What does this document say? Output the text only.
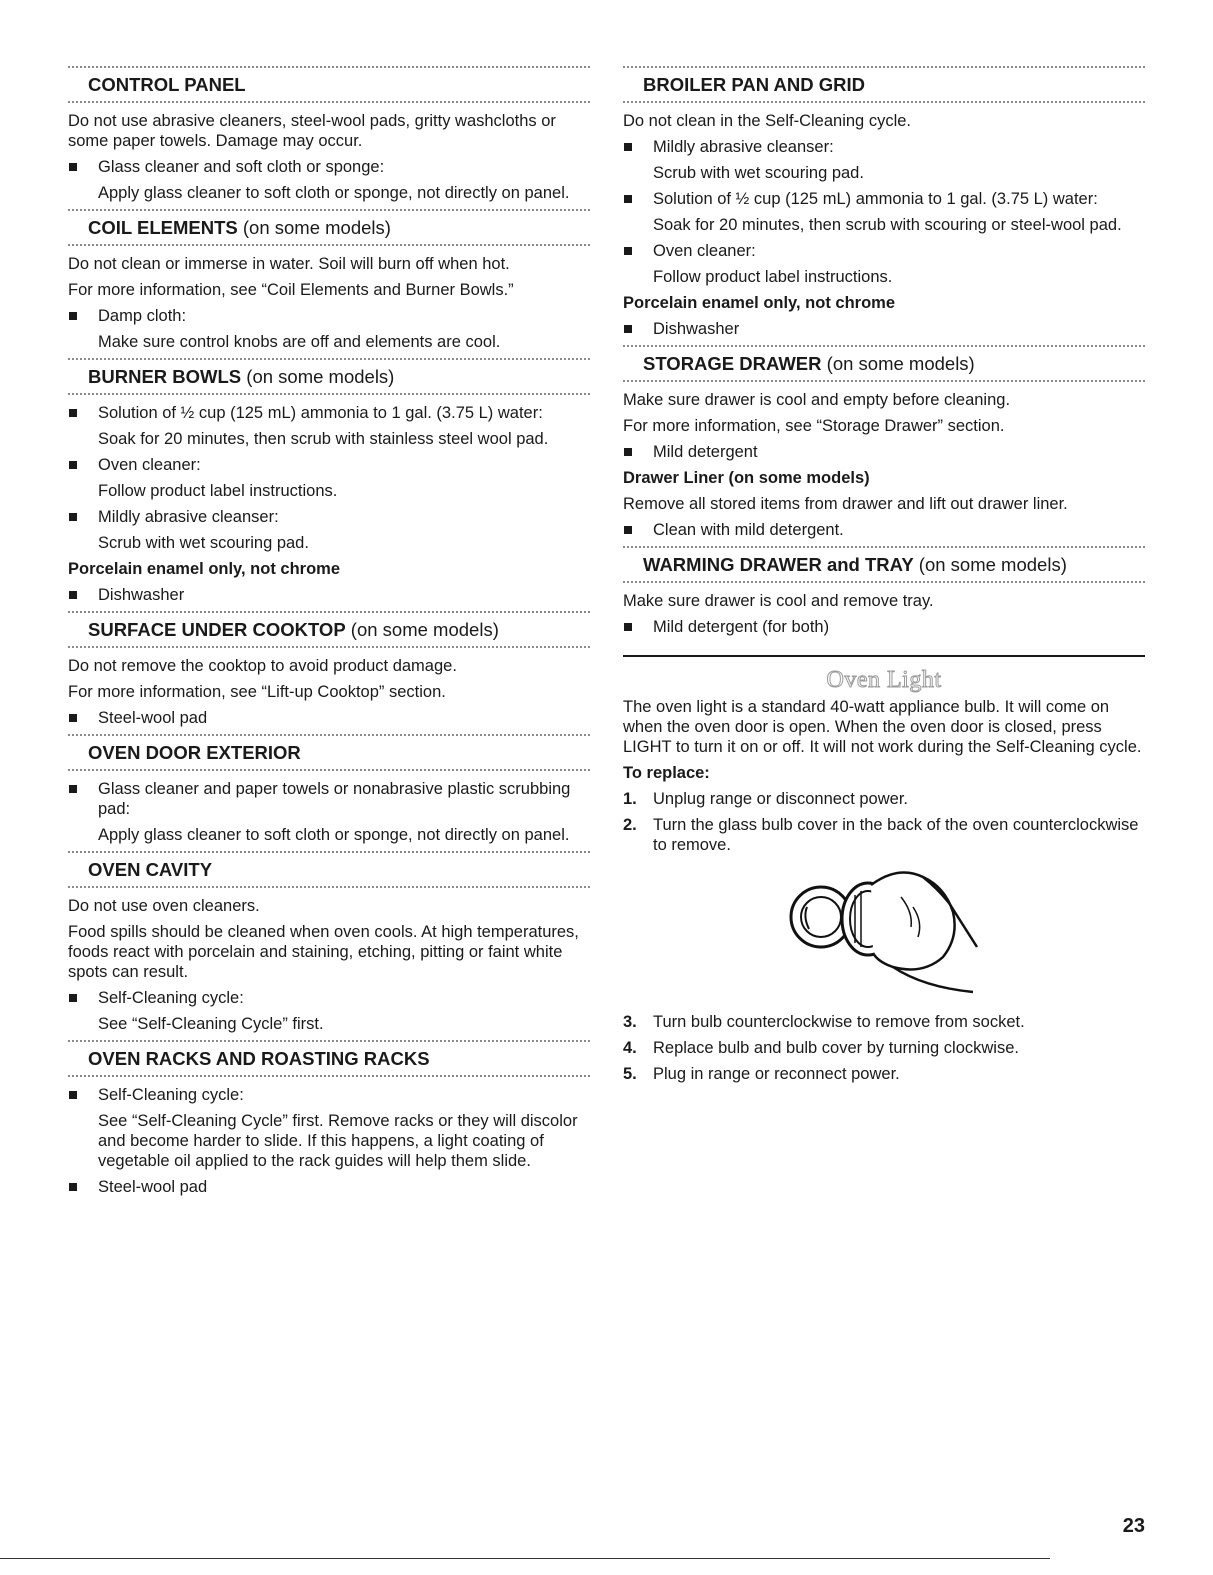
CONTROL PANEL

Do not use abrasive cleaners, steel-wool pads, gritty washcloths or some paper towels. Damage may occur.

Glass cleaner and soft cloth or sponge:

Apply glass cleaner to soft cloth or sponge, not directly on panel.

COIL ELEMENTS (on some models)

Do not clean or immerse in water. Soil will burn off when hot.

For more information, see “Coil Elements and Burner Bowls.”

Damp cloth:

Make sure control knobs are off and elements are cool.

BURNER BOWLS (on some models)

Solution of ½ cup (125 mL) ammonia to 1 gal. (3.75 L) water:

Soak for 20 minutes, then scrub with stainless steel wool pad.

Oven cleaner:

Follow product label instructions.

Mildly abrasive cleanser:

Scrub with wet scouring pad.

Porcelain enamel only, not chrome

Dishwasher

SURFACE UNDER COOKTOP (on some models)

Do not remove the cooktop to avoid product damage.

For more information, see “Lift-up Cooktop” section.

Steel-wool pad

OVEN DOOR EXTERIOR

Glass cleaner and paper towels or nonabrasive plastic scrubbing pad:

Apply glass cleaner to soft cloth or sponge, not directly on panel.

OVEN CAVITY

Do not use oven cleaners.

Food spills should be cleaned when oven cools. At high temperatures, foods react with porcelain and staining, etching, pitting or faint white spots can result.

Self-Cleaning cycle:

See “Self-Cleaning Cycle” first.

OVEN RACKS AND ROASTING RACKS

Self-Cleaning cycle:

See “Self-Cleaning Cycle” first. Remove racks or they will discolor and become harder to slide. If this happens, a light coating of vegetable oil applied to the rack guides will help them slide.

Steel-wool pad

BROILER PAN AND GRID

Do not clean in the Self-Cleaning cycle.

Mildly abrasive cleanser:

Scrub with wet scouring pad.

Solution of ½ cup (125 mL) ammonia to 1 gal. (3.75 L) water:

Soak for 20 minutes, then scrub with scouring or steel-wool pad.

Oven cleaner:

Follow product label instructions.

Porcelain enamel only, not chrome

Dishwasher

STORAGE DRAWER (on some models)

Make sure drawer is cool and empty before cleaning.

For more information, see “Storage Drawer” section.

Mild detergent

Drawer Liner (on some models)

Remove all stored items from drawer and lift out drawer liner.

Clean with mild detergent.

WARMING DRAWER and TRAY (on some models)

Make sure drawer is cool and remove tray.

Mild detergent (for both)

Oven Light

The oven light is a standard 40-watt appliance bulb. It will come on when the oven door is open. When the oven door is closed, press LIGHT to turn it on or off. It will not work during the Self-Cleaning cycle.

To replace:

1. Unplug range or disconnect power.

2. Turn the glass bulb cover in the back of the oven counterclockwise to remove.

3. Turn bulb counterclockwise to remove from socket.

4. Replace bulb and bulb cover by turning clockwise.

5. Plug in range or reconnect power.

23
